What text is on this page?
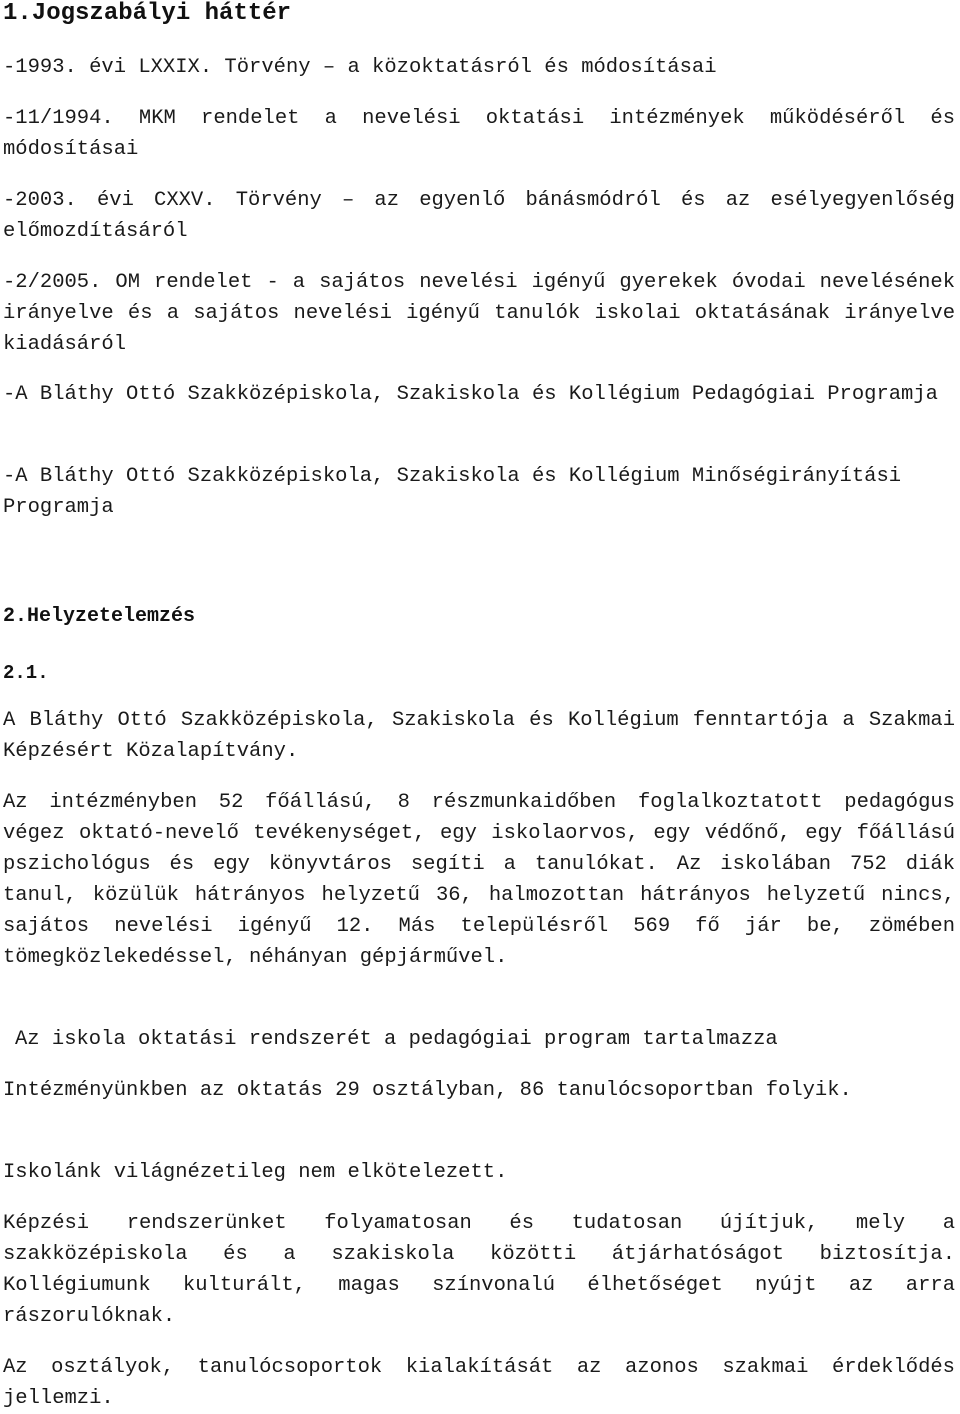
1.Jogszabályi háttér

-1993. évi LXXIX. Törvény – a közoktatásról és módosításai

-11/1994. MKM rendelet a nevelési oktatási intézmények működéséről és módosításai

-2003. évi CXXV. Törvény – az egyenlő bánásmódról és az esélyegyenlőség előmozdításáról

-2/2005. OM rendelet - a sajátos nevelési igényű gyerekek óvodai nevelésének irányelve és a sajátos nevelési igényű tanulók iskolai oktatásának irányelve kiadásáról

-A Bláthy Ottó Szakközépiskola, Szakiskola és Kollégium Pedagógiai Programja

-A Bláthy Ottó Szakközépiskola, Szakiskola és Kollégium Minőségirányítási Programja

2.Helyzetelemzés
2.1.

A Bláthy Ottó Szakközépiskola, Szakiskola és Kollégium fenntartója a Szakmai Képzésért Közalapítvány.

Az intézményben 52 főállású, 8 részmunkaidőben foglalkoztatott pedagógus végez oktató-nevelő tevékenységet, egy iskolaorvos, egy védőnő, egy főállású pszichológus és egy könyvtáros segíti a tanulókat. Az iskolában 752 diák tanul, közülük hátrányos helyzetű 36, halmozottan hátrányos helyzetű nincs, sajátos nevelési igényű 12. Más településről 569 fő jár be, zömében tömegközlekedéssel, néhányan gépjárművel.

Az iskola oktatási rendszerét a pedagógiai program tartalmazza

Intézményünkben az oktatás 29 osztályban, 86 tanulócsoportban folyik.

Iskolánk világnézetileg nem elkötelezett.

Képzési rendszerünket folyamatosan és tudatosan újítjuk, mely a szakközépiskola és a szakiskola közötti átjárhatóságot biztosítja. Kollégiumunk kulturált, magas színvonalú élhetőséget nyújt az arra rászorulóknak.

Az osztályok, tanulócsoportok kialakítását az azonos szakmai érdeklődés jellemzi.
